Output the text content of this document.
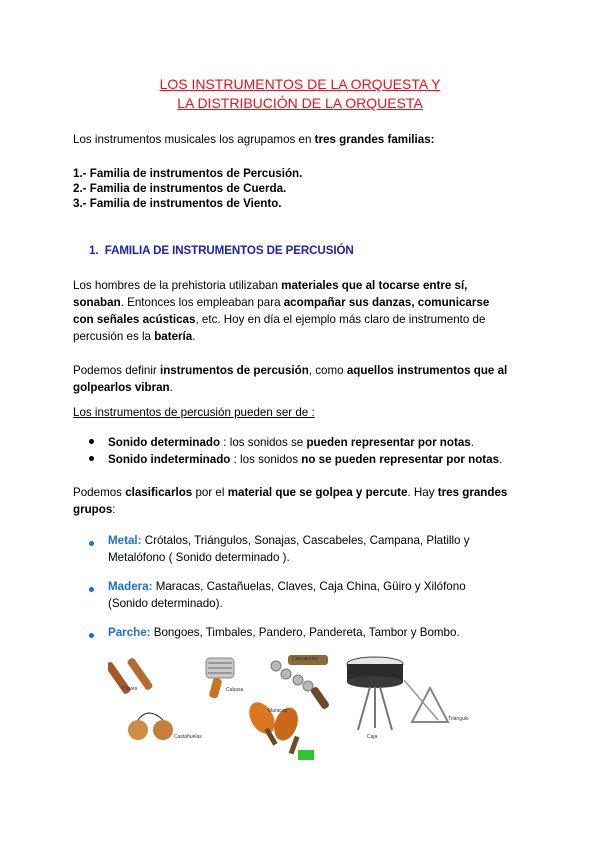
LOS INSTRUMENTOS DE LA ORQUESTA Y
LA DISTRIBUCIÓN DE LA ORQUESTA
Los instrumentos musicales los agrupamos en tres grandes familias:
1.- Familia de instrumentos de Percusión.
2.- Familia de instrumentos de Cuerda.
3.- Familia de instrumentos de Viento.
1. FAMILIA DE INSTRUMENTOS DE PERCUSIÓN
Los hombres de la prehistoria utilizaban materiales que al tocarse entre sí,
sonaban. Entonces los empleaban para acompañar sus danzas, comunicarse
con señales acústicas, etc. Hoy en día el ejemplo más claro de instrumento de
percusión es la batería.
Podemos definir instrumentos de percusión, como aquellos instrumentos que al
golpearlos vibran.
Los instrumentos de percusión pueden ser de :
Sonido determinado : los sonidos se pueden representar por notas.
Sonido indeterminado : los sonidos no se pueden representar por notas.
Podemos clasificarlos por el material que se golpea y percute. Hay tres grandes
grupos:
Metal: Crótalos, Triángulos, Sonajas, Cascabeles, Campana, Platillo y
Metalófono ( Sonido determinado ).
Madera: Maracas, Castañuelas, Claves, Caja China, Güiro y Xilófono
(Sonido determinado).
Parche: Bongoes, Timbales, Pandero, Pandereta, Tambor y Bombo.
Claves	Cabasa
Cascabeles
Caja
Triángulo
Castañuelas
Maracas
